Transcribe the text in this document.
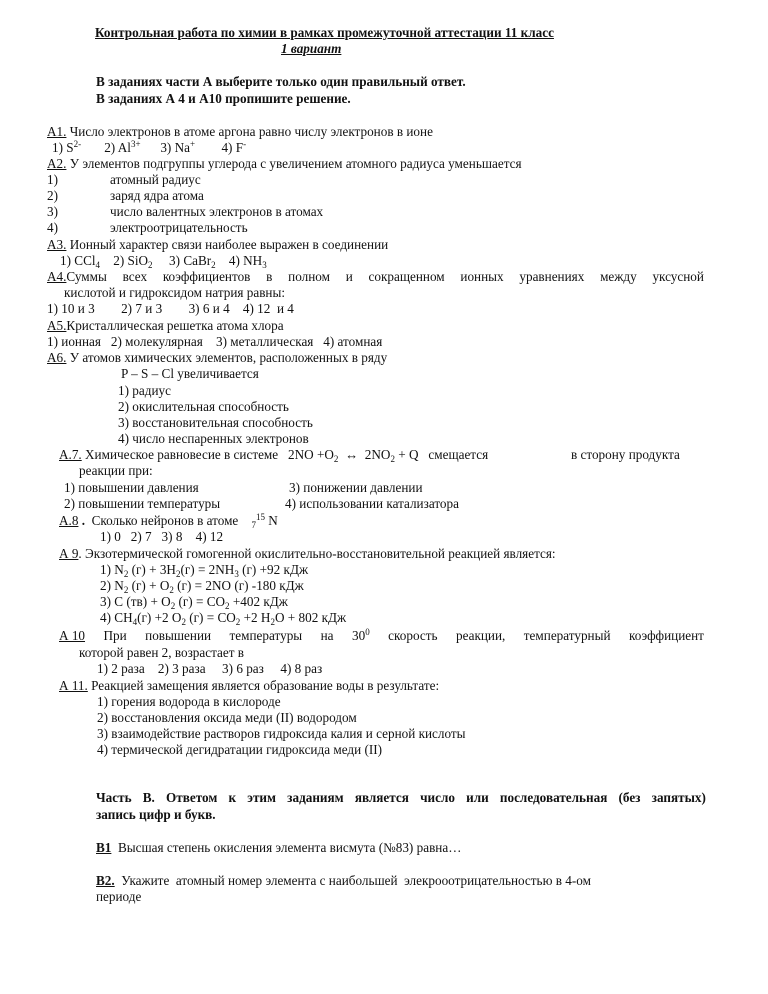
Контрольная работа по химии в рамках промежуточной аттестации 11 класс
1 вариант
В заданиях части А выберите только один правильный ответ.
В заданиях А 4 и А10 пропишите решение.
А1. Число электронов в атоме аргона равно числу электронов в ионе
1) $S^{2-}$       2) $Al^{3+}$      3) Na+        4) F-
А2. У элементов подгруппы углерода с увеличением атомного радиуса уменьшается
1)	атомный радиус
2)	заряд ядра атома
3)	число валентных электронов в атомах
4)	электроотрицательность
А3. Ионный характер связи наиболее выражен в соединении
1) CCl$_4$    2) SiO$_2$     3) CaBr$_2$    4) $NH_3$
А4.Суммы всех коэффициентов в полном и сокращенном ионных уравнениях между уксусной
кислотой и гидроксидом натрия равны:
1) 10 и 3        2) 7 и 3        3) 6 и 4    4) 12  и 4
А5.Кристаллическая решетка атома хлора
1) ионная   2) молекулярная    3) металлическая   4) атомная
А6. У атомов химических элементов, расположенных в ряду
P – S – Cl увеличивается
1) радиус
2) окислительная способность
3) восстановительная способность
4) число неспаренных электронов
А.7. Химическое равновесие в системе   $2NO +O_2$  ↔  $2NO_2 + Q$   смещается	в сторону продукта
реакции при:
1) повышении давления	3) понижении давлении
2) повышении температуры	4) использовании катализатора
А.8 . Сколько нейронов в атоме $_7^{15}$ N
1) 0   2) 7   3) 8    4) 12
А 9. Экзотермической гомогенной окислительно-восстановительной реакцией является:
1) $N_2$ $(г) + 3H_2(г) = 2NH_3$ (г) +92 кДж
2) $N_2$ $(г) + O_2$ (г) = 2NO (г) -180 кДж
3) C $(тв) + O_2$ $(г) = CO_2 +402$ кДж
4) $CH_4(г) +2$ $O_2$ $(г) = CO_2 +2$ $H_2O + 802$ кДж
А 10 При повышении температуры на $30^0$ скорость реакции, температурный коэффициент
которой равен 2, возрастает в
1) 2 раза    2) 3 раза     3) 6 раз     4) 8 раз
А 11. Реакцией замещения является образование воды в результате:
1) горения водорода в кислороде
2) восстановления оксида меди (II) водородом
3) взаимодействие растворов гидроксида калия и серной кислоты
4) термической дегидратации гидроксида меди (II)
Часть В. Ответом к этим заданиям является число или последовательная (без запятых)
запись цифр и букв.
В1  Высшая степень окисления элемента висмута (№83) равна…
В2.  Укажите  атомный номер элемента с наибольшей  элекрооотрицательностью в 4-ом
периоде
